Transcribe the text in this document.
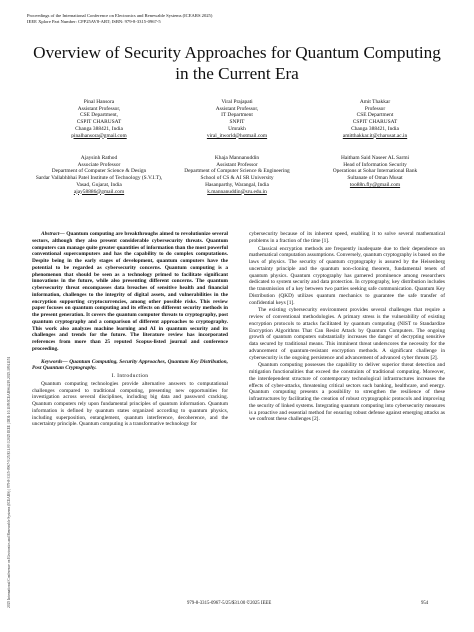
Proceedings of the International Conference on Electronics and Renewable Systems (ICEARS 2025)
IEEE Xplore Part Number: CFP25AV8-ART; ISBN: 979-8-3315-0967-5
2025 International Conference on Electronics and Renewable Systems (ICEARS) | 979-8-3315-0967-5/25/$31.00 ©2025 IEEE | DOI: 10.1109/ICEARS64219.2025.10941151
Overview of Security Approaches for Quantum Computing in the Current Era
Pinal Hansora
Assistant Professor,
CSE Department,
CSPIT CHARUSAT
Changa 388421, India
pinalhansora@gmail.com
Viral Prajapati
Assistant Professor,
IT Department
SNPIT
Umrakh
viral_itworld@hotmail.com
Amit Thakkar
Professor
CSE Department
CSPIT CHARUSAT
Changa 388421, India
amitthakkar.it@charusat.ac.in
Ajaysinh Rathod
Associate Professor
Department of Computer Science & Design
Sardar Vallabhbhai Patel Institute of Technology (S.V.I.T),
Vasad, Gujarat, India
ajay58886@gmail.com
Khaja Mannanuddin
Assistant Professor
Department of Computer Science & Engineering
School of CS & AI SR University
Hasanparthy, Warangal, India
k.mannanuddin@sru.edu.in
Haitham Said Naseer AL Sarmi
Head of Information Security
Operations at Sohar International Bank
Sultanate of Oman Musat
too88n.fly@gmail.com

Abstract— Quantum computing are breakthroughs aimed to revolutionize several sectors, although they also present considerable cybersecurity threats. Quantum computers can manage quite greater quantities of information than the most powerful conventional supercomputers and has the capability to do complex computations. Despite being in the early stages of development, quantum computers have the potential to be regarded as cybersecurity concerns. Quantum computing is a phenomenon that should be seen as a technology primed to facilitate significant innovations in the future, while also presenting different concerns. The quantum cybersecurity threat encompasses data breaches of sensitive health and financial information, challenges to the integrity of digital assets, and vulnerabilities in the encryption supporting cryptocurrencies, among other possible risks. This review paper focuses on quantum computing and its effects on different security methods in the present generation. It covers the quantum computer threats to cryptography, post quantum cryptography and a comparison of different approaches to cryptography. This work also analyzes machine learning and AI in quantum security and its challenges and trends for the future. The literature review has incorporated references from more than 25 reputed Scopus-listed journal and conference proceeding.

Keywords— Quantum Computing, Security Approaches, Quantum Key Distribution, Post Quantum Cryptography.

I. Introduction

Quantum computing technologies provide alternative answers to computational challenges compared to traditional computing, presenting new opportunities for investigation across several disciplines, including big data and password cracking. Quantum computers rely upon fundamental principles of quantum information. Quantum information is defined by quantum states organized according to quantum physics, including superposition, entanglement, quantum interference, decoherence, and the uncertainty principle. Quantum computing is a transformative technology for

cybersecurity because of its inherent speed, enabling it to solve several mathematical problems in a fraction of the time [1].

Classical encryption methods are frequently inadequate due to their dependence on mathematical computation assumptions. Conversely, quantum cryptography is based on the laws of physics. The security of quantum cryptography is assured by the Heisenberg uncertainty principle and the quantum non-cloning theorem, fundamental tenets of quantum physics. Quantum cryptography has garnered prominence among researchers dedicated to system security and data protection. In cryptography, key distribution includes the transmission of a key between two parties seeking safe communication. Quantum Key Distribution (QKD) utilizes quantum mechanics to guarantee the safe transfer of confidential keys [1].

The existing cybersecurity environment provides several challenges that require a review of conventional methodologies. A primary stress is the vulnerability of existing encryption protocols to attacks facilitated by quantum computing (NIST to Standardize Encryption Algorithms That Can Resist Attack by Quantum Computers. The ongoing growth of quantum computers substantially increases the danger of decrypting sensitive data secured by traditional means. This imminent threat underscores the necessity for the advancement of quantum-resistant encryption methods. A significant challenge in cybersecurity is the ongoing persistence and advancement of advanced cyber threats [2].

Quantum computing possesses the capability to deliver superior threat detection and mitigation functionalities that exceed the constraints of traditional computing. Moreover, the interdependent structure of contemporary technological infrastructures increases the effects of cyber-attacks, threatening critical sectors such banking, healthcare, and energy. Quantum computing presents a possibility to strengthen the resilience of these infrastructures by facilitating the creation of robust cryptographic protocols and improving the security of linked systems. Integrating quantum computing into cybersecurity measures is a proactive and essential method for ensuring robust defense against emerging attacks as we confront these challenges [2].

979-8-3315-0967-5/25/$31.00 ©2025 IEEE	954
